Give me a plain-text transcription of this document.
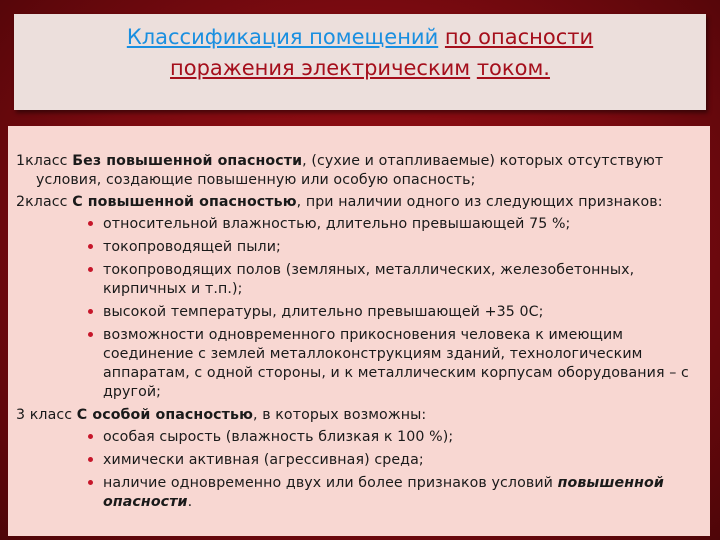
Классификация помещений по опасности
поражения электрическим током.

1класс Без повышенной опасности, (сухие и отапливаемые) которых отсутствуют условия, создающие повышенную или особую опасность;

2класс С повышенной опасностью, при наличии одного из следующих признаков:

относительной влажностью, длительно превышающей 75 %;
токопроводящей пыли;
токопроводящих полов (земляных, металлических, железобетонных, кирпичных и т.п.);
высокой температуры, длительно превышающей +35 0С;
возможности одновременного прикосновения человека к имеющим соединение с землей металлоконструкциям зданий, технологическим аппаратам, с одной стороны, и к металлическим корпусам оборудования – с другой;

3 класс С особой опасностью, в которых возможны:

особая сырость (влажность близкая к 100 %);
химически активная (агрессивная) среда;
наличие одновременно двух или более признаков условий повышенной опасности.
